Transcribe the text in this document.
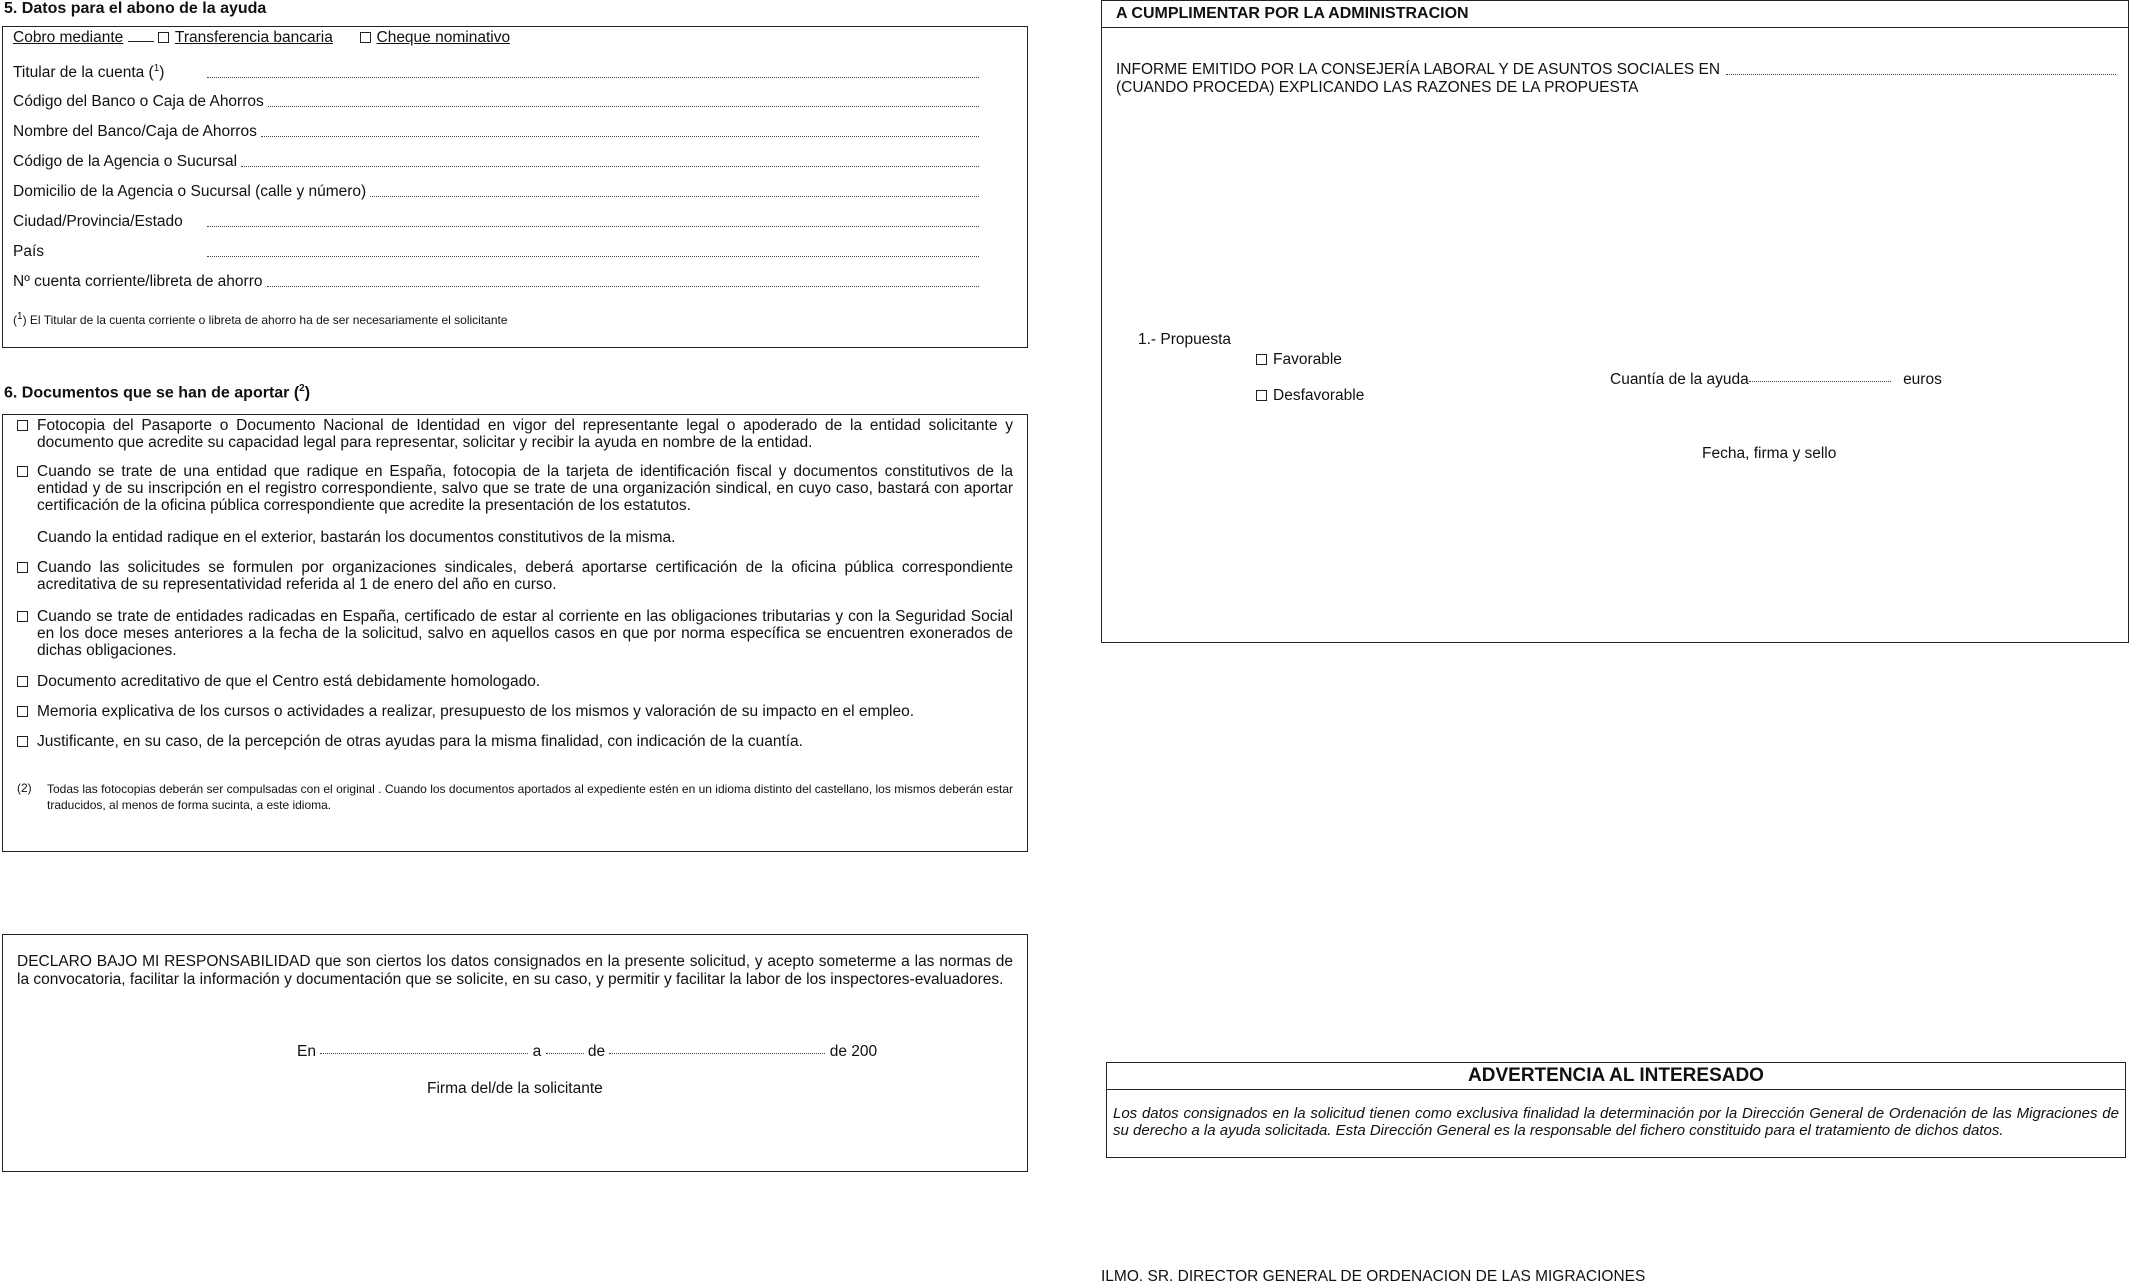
5. Datos para el abono de la ayuda
Cobro mediante	Transferencia bancaria	Cheque nominativo
Titular de la cuenta ($^1$)
Código del Banco o Caja de Ahorros
Nombre del Banco/Caja de Ahorros
Código de la Agencia o Sucursal
Domicilio de la Agencia o Sucursal (calle y número)
Ciudad/Provincia/Estado
País
Nº cuenta corriente/libreta de ahorro
($^1$) El Titular de la cuenta corriente o libreta de ahorro ha de ser necesariamente el solicitante
6. Documentos que se han de aportar ($^2$)
Fotocopia del Pasaporte o Documento Nacional de Identidad en vigor del representante legal o apoderado de la entidad solicitante y documento que acredite su capacidad legal para representar, solicitar y recibir la ayuda en nombre de la entidad.
Cuando se trate de una entidad que radique en España, fotocopia de la tarjeta de identificación fiscal y documentos constitutivos de la entidad y de su inscripción en el registro correspondiente, salvo que se trate de una organización sindical, en cuyo caso, bastará con aportar certificación de la oficina pública correspondiente que acredite la presentación de los estatutos.
Cuando la entidad radique en el exterior, bastarán los documentos constitutivos de la misma.
Cuando las solicitudes se formulen por organizaciones sindicales, deberá aportarse certificación de la oficina pública correspondiente acreditativa de su representatividad referida al 1 de enero del año en curso.
Cuando se trate de entidades radicadas en España, certificado de estar al corriente en las obligaciones tributarias y con la Seguridad Social en los doce meses anteriores a la fecha de la solicitud, salvo en aquellos casos en que por norma específica se encuentren exonerados de dichas obligaciones.
Documento acreditativo de que el Centro está debidamente homologado.
Memoria explicativa de los cursos o actividades a realizar, presupuesto de los mismos y valoración de su impacto en el empleo.
Justificante, en su caso, de la percepción de otras ayudas para la misma finalidad, con indicación de la cuantía.
(2)	Todas las fotocopias deberán ser compulsadas con el original . Cuando los documentos aportados al expediente estén en un idioma distinto del castellano, los mismos deberán estar traducidos, al menos de forma sucinta, a este idioma.
DECLARO BAJO MI RESPONSABILIDAD que son ciertos los datos consignados en la presente solicitud, y acepto someterme a las normas de la convocatoria, facilitar la información y documentación que se solicite, en su caso, y permitir y facilitar la labor de los inspectores-evaluadores.
En	a	de	de 200
Firma del/de la solicitante
A CUMPLIMENTAR POR LA ADMINISTRACION
INFORME EMITIDO POR LA CONSEJERÍA LABORAL Y DE ASUNTOS SOCIALES EN
(CUANDO PROCEDA) EXPLICANDO LAS RAZONES DE LA PROPUESTA
1.- Propuesta
Favorable
Desfavorable
Cuantía de la ayuda	euros
Fecha, firma y sello
ADVERTENCIA AL INTERESADO
Los datos consignados en la solicitud tienen como exclusiva finalidad la determinación por la Dirección General de Ordenación de las Migraciones de su derecho a la ayuda solicitada. Esta Dirección General es la responsable del fichero constituido para el tratamiento de dichos datos.
ILMO. SR. DIRECTOR GENERAL DE ORDENACION DE LAS MIGRACIONES
